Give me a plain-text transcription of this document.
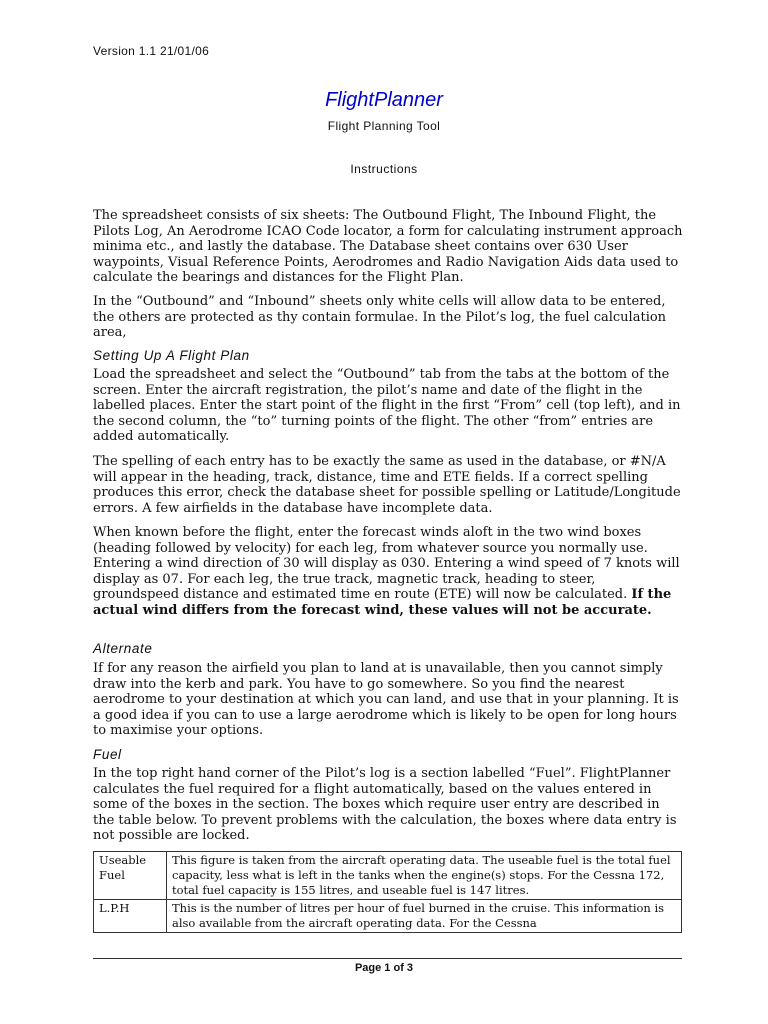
Version 1.1 21/01/06
FlightPlanner
Flight Planning Tool
Instructions

The spreadsheet consists of six sheets: The Outbound Flight, The Inbound Flight, the Pilots Log, An Aerodrome ICAO Code locator, a form for calculating instrument approach minima etc., and lastly the database. The Database sheet contains over 630 User waypoints, Visual Reference Points, Aerodromes and Radio Navigation Aids data used to calculate the bearings and distances for the Flight Plan.

In the “Outbound” and “Inbound” sheets only white cells will allow data to be entered, the others are protected as thy contain formulae. In the Pilot’s log, the fuel calculation area,

Setting Up A Flight Plan

Load the spreadsheet and select the “Outbound” tab from the tabs at the bottom of the screen. Enter the aircraft registration, the pilot’s name and date of the flight in the labelled places. Enter the start point of the flight in the first “From” cell (top left), and in the second column, the “to” turning points of the flight. The other “from” entries are added automatically.

The spelling of each entry has to be exactly the same as used in the database, or #N/A will appear in the heading, track, distance, time and ETE fields. If a correct spelling produces this error, check the database sheet for possible spelling or Latitude/Longitude errors. A few airfields in the database have incomplete data.

When known before the flight, enter the forecast winds aloft in the two wind boxes (heading followed by velocity) for each leg, from whatever source you normally use. Entering a wind direction of 30 will display as 030. Entering a wind speed of 7 knots will display as 07. For each leg, the true track, magnetic track, heading to steer, groundspeed distance and estimated time en route (ETE) will now be calculated. If the actual wind differs from the forecast wind, these values will not be accurate.

Alternate

If for any reason the airfield you plan to land at is unavailable, then you cannot simply draw into the kerb and park. You have to go somewhere. So you find the nearest aerodrome to your destination at which you can land, and use that in your planning. It is a good idea if you can to use a large aerodrome which is likely to be open for long hours to maximise your options.

Fuel

In the top right hand corner of the Pilot’s log is a section labelled “Fuel”. FlightPlanner calculates the fuel required for a flight automatically, based on the values entered in some of the boxes in the section. The boxes which require user entry are described in the table below. To prevent problems with the calculation, the boxes where data entry is not possible are locked.

Useable Fuel	This figure is taken from the aircraft operating data. The useable fuel is the total fuel capacity, less what is left in the tanks when the engine(s) stops. For the Cessna 172, total fuel capacity is 155 litres, and useable fuel is 147 litres.
L.P.H	This is the number of litres per hour of fuel burned in the cruise. This information is also available from the aircraft operating data. For the Cessna
Page 1 of 3
